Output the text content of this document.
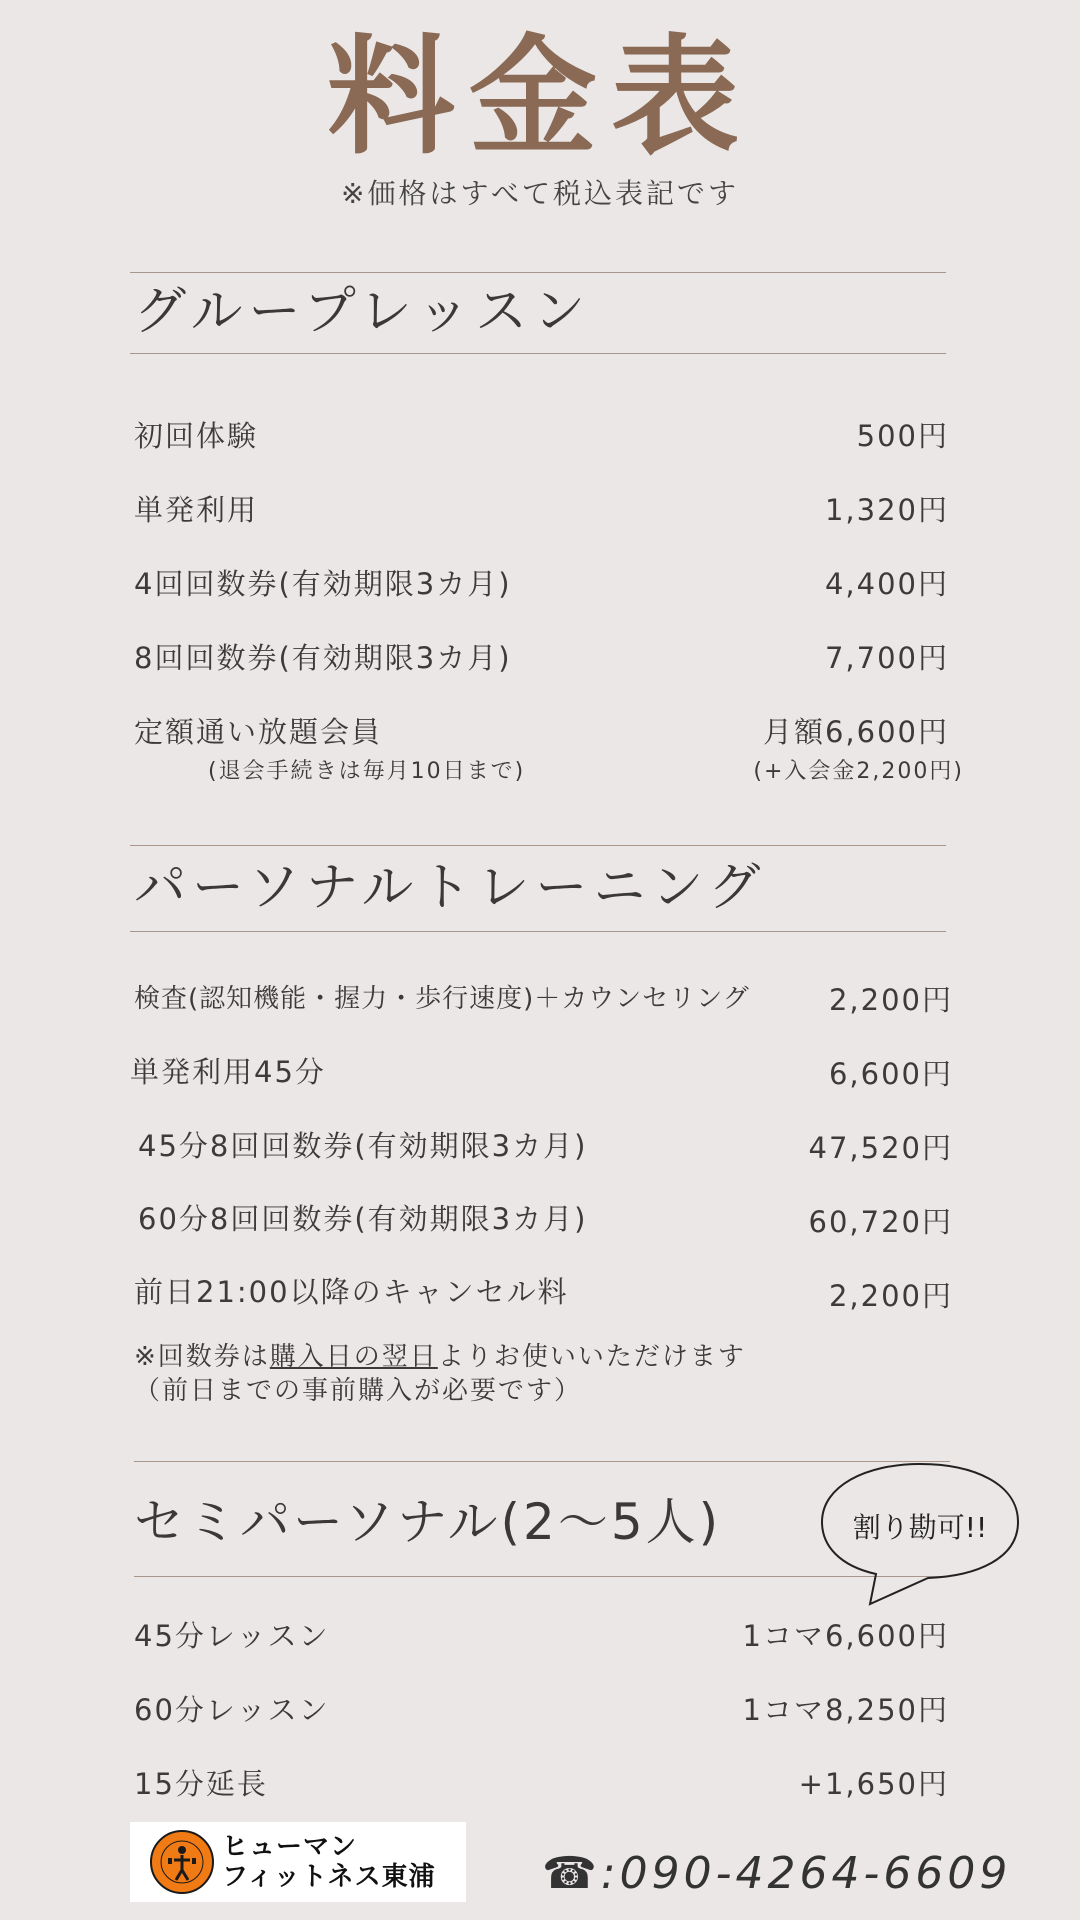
料金表
※価格はすべて税込表記です
グループレッスン
初回体験	500円
単発利用	1,320円
4回回数券(有効期限3カ月)	4,400円
8回回数券(有効期限3カ月)	7,700円
定額通い放題会員	月額6,600円
(退会手続きは毎月10日まで)	(+入会金2,200円)
パーソナルトレーニング
検査(認知機能・握力・歩行速度)＋カウンセリング	2,200円
単発利用45分	6,600円
45分8回回数券(有効期限3カ月)	47,520円
60分8回回数券(有効期限3カ月)	60,720円
前日21:00以降のキャンセル料	2,200円
※回数券は購入日の翌日よりお使いいただけます
（前日までの事前購入が必要です）
セミパーソナル(2〜5人)	割り勘可!!
45分レッスン	1コマ6,600円
60分レッスン	1コマ8,250円
15分延長	+1,650円
ヒューマン
フィットネス東浦 ☎:090-4264-6609
